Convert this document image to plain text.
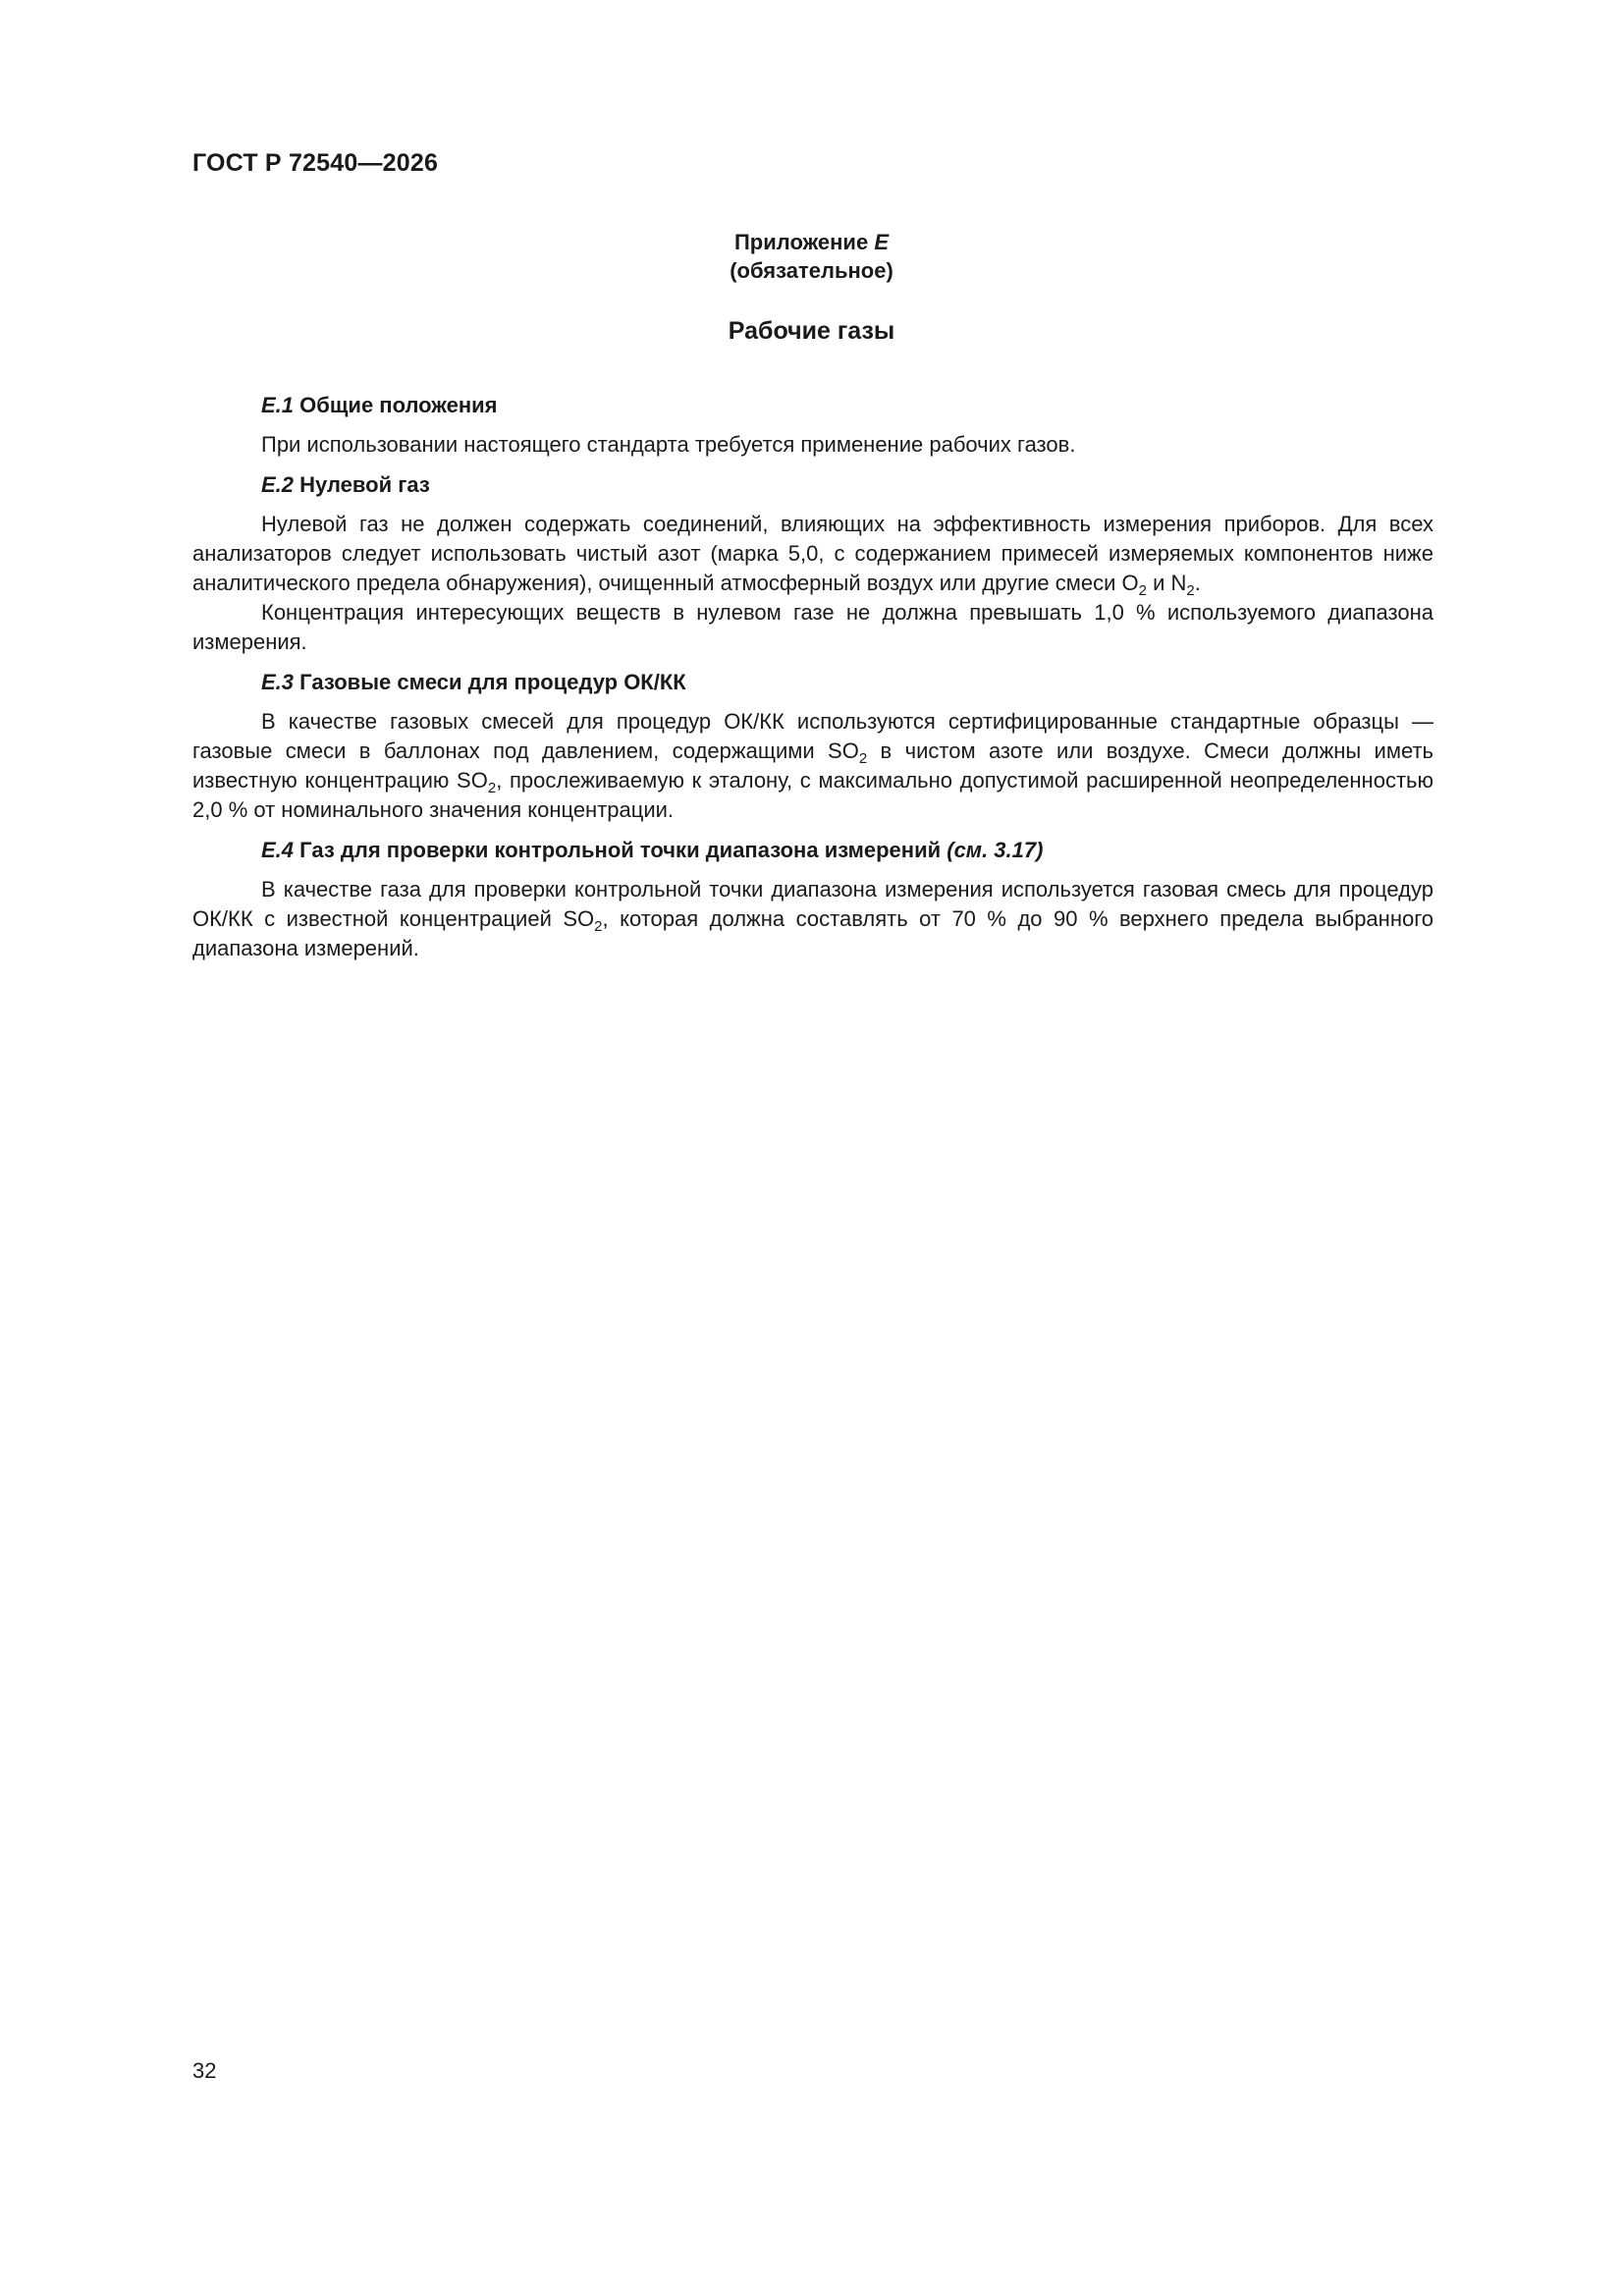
ГОСТ Р 72540—2026
Приложение Е
(обязательное)
Рабочие газы

Е.1 Общие положения

При использовании настоящего стандарта требуется применение рабочих газов.

Е.2 Нулевой газ

Нулевой газ не должен содержать соединений, влияющих на эффективность измерения приборов. Для всех анализаторов следует использовать чистый азот (марка 5,0, с содержанием примесей измеряемых компонентов ниже аналитического предела обнаружения), очищенный атмосферный воздух или другие смеси $O_2$ и $N_2$.

Концентрация интересующих веществ в нулевом газе не должна превышать 1,0 % используемого диапазона измерения.

Е.3 Газовые смеси для процедур ОК/КК

В качестве газовых смесей для процедур ОК/КК используются сертифицированные стандартные образцы — газовые смеси в баллонах под давлением, содержащими $SO_2$ в чистом азоте или воздухе. Смеси должны иметь известную концентрацию $SO_2$, прослеживаемую к эталону, с максимально допустимой расширенной неопределенностью 2,0 % от номинального значения концентрации.

Е.4 Газ для проверки контрольной точки диапазона измерений (см. 3.17)

В качестве газа для проверки контрольной точки диапазона измерения используется газовая смесь для процедур ОК/КК с известной концентрацией $SO_2$, которая должна составлять от 70 % до 90 % верхнего предела выбранного диапазона измерений.

32
